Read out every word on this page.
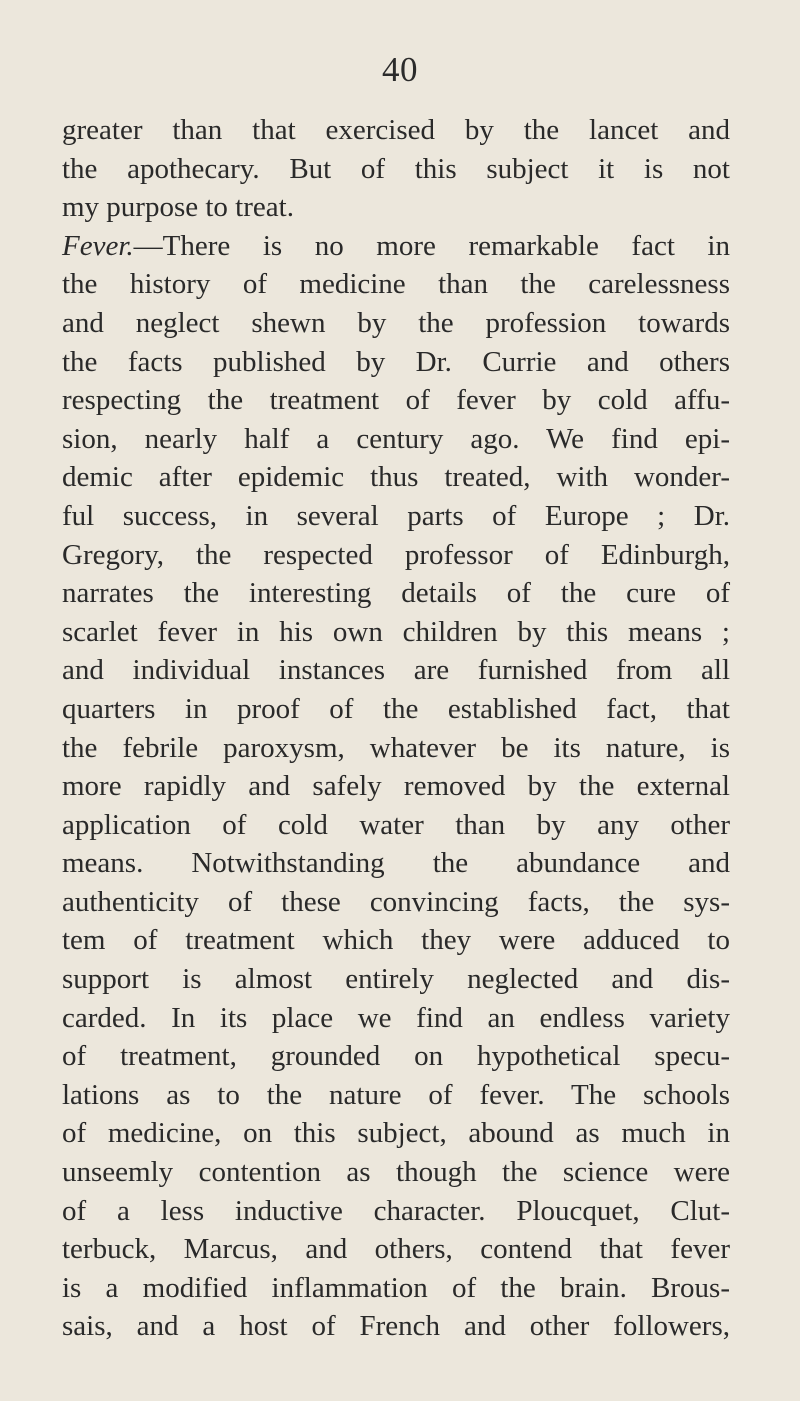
40
greater than that exercised by the lancet and
the apothecary. But of this subject it is not
my purpose to treat.
Fever.—There is no more remarkable fact in
the history of medicine than the carelessness
and neglect shewn by the profession towards
the facts published by Dr. Currie and others
respecting the treatment of fever by cold affu-
sion, nearly half a century ago. We find epi-
demic after epidemic thus treated, with wonder-
ful success, in several parts of Europe ; Dr.
Gregory, the respected professor of Edinburgh,
narrates the interesting details of the cure of
scarlet fever in his own children by this means ;
and individual instances are furnished from all
quarters in proof of the established fact, that
the febrile paroxysm, whatever be its nature, is
more rapidly and safely removed by the external
application of cold water than by any other
means. Notwithstanding the abundance and
authenticity of these convincing facts, the sys-
tem of treatment which they were adduced to
support is almost entirely neglected and dis-
carded. In its place we find an endless variety
of treatment, grounded on hypothetical specu-
lations as to the nature of fever. The schools
of medicine, on this subject, abound as much in
unseemly contention as though the science were
of a less inductive character. Ploucquet, Clut-
terbuck, Marcus, and others, contend that fever
is a modified inflammation of the brain. Brous-
sais, and a host of French and other followers,
